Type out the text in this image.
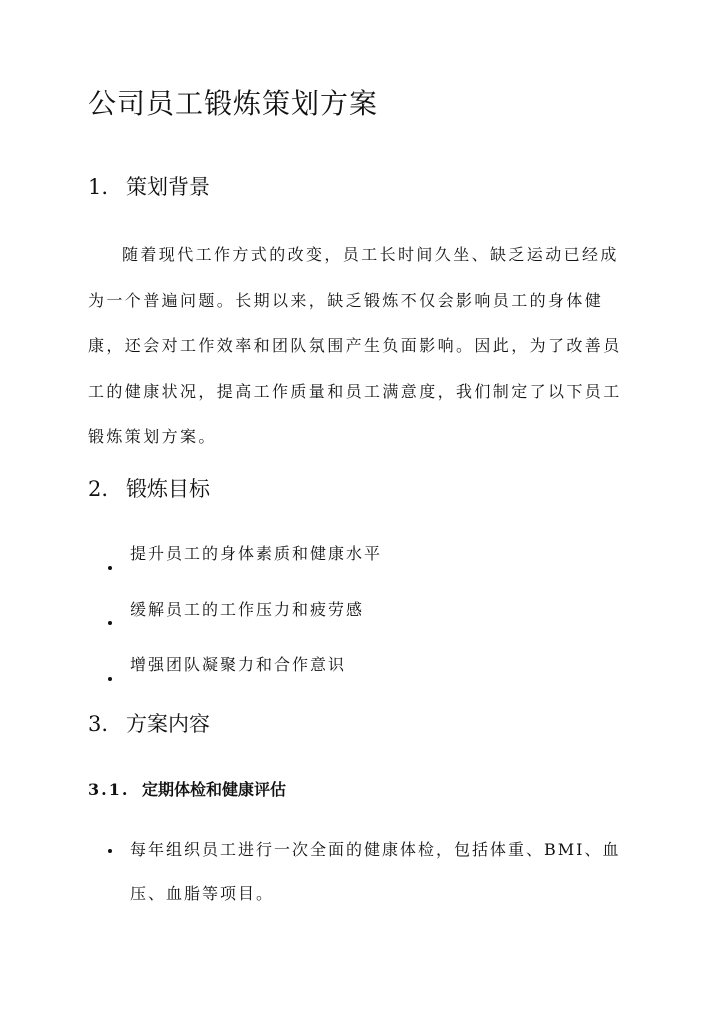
公司员工锻炼策划方案
1. 策划背景

随着现代工作方式的改变，员工长时间久坐、缺乏运动已经成为一个普遍问题。长期以来，缺乏锻炼不仅会影响员工的身体健康，还会对工作效率和团队氛围产生负面影响。因此，为了改善员工的健康状况，提高工作质量和员工满意度，我们制定了以下员工锻炼策划方案。

2. 锻炼目标
提升员工的身体素质和健康水平
缓解员工的工作压力和疲劳感
增强团队凝聚力和合作意识
3. 方案内容
3.1. 定期体检和健康评估
每年组织员工进行一次全面的健康体检，包括体重、BMI、血压、血脂等项目。
